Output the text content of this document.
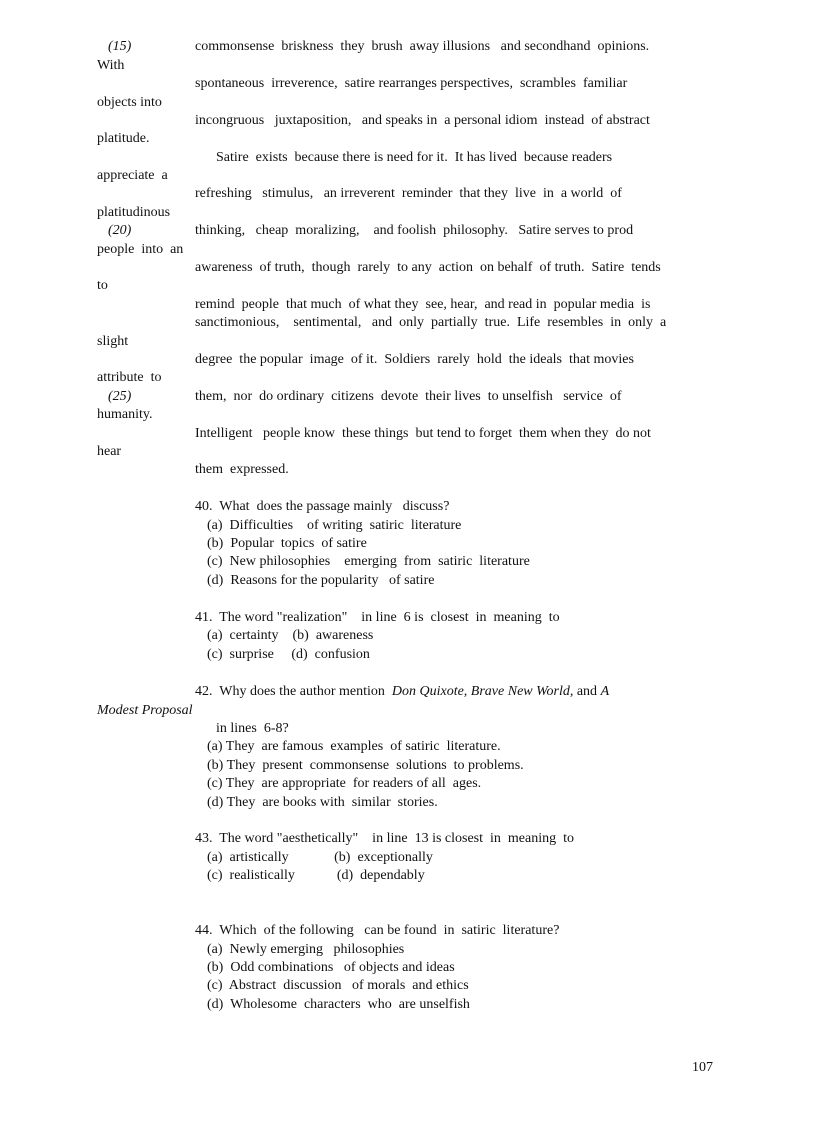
(15)	commonsense  briskness  they  brush  away illusions   and secondhand  opinions.
With
spontaneous  irreverence,  satire rearranges perspectives,  scrambles  familiar
objects into
incongruous   juxtaposition,   and speaks in  a personal idiom  instead  of abstract
platitude.
Satire  exists  because there is need for it.  It has lived  because readers
appreciate  a
refreshing   stimulus,   an irreverent  reminder  that they  live  in  a world  of
platitudinous
(20)	thinking,   cheap  moralizing,    and foolish  philosophy.   Satire serves to prod
people  into  an
awareness  of truth,  though  rarely  to any  action  on behalf  of truth.  Satire  tends
to
remind  people  that much  of what they  see, hear,  and read in  popular media  is
sanctimonious,    sentimental,   and  only  partially  true.  Life  resembles  in  only  a
slight
degree  the popular  image  of it.  Soldiers  rarely  hold  the ideals  that movies
attribute  to
(25)	them,  nor  do ordinary  citizens  devote  their lives  to unselfish   service  of
humanity.
Intelligent   people know  these things  but tend to forget  them when they  do not
hear
them  expressed.
40.  What  does the passage mainly   discuss?
(a)  Difficulties    of writing  satiric  literature
(b)  Popular  topics  of satire
(c)  New philosophies    emerging  from  satiric  literature
(d)  Reasons for the popularity   of satire
41.  The word "realization"    in line  6 is  closest  in  meaning  to
(a)  certainty    (b)  awareness
(c)  surprise     (d)  confusion
42.  Why does the author mention  Don Quixote, Brave New World, and A
Modest Proposal
in lines  6-8?
(a) They  are famous  examples  of satiric  literature.
(b) They  present  commonsense  solutions  to problems.
(c) They  are appropriate  for readers of all  ages.
(d) They  are books with  similar  stories.
43.  The word "aesthetically"    in line  13 is closest  in  meaning  to
(a)  artistically             (b)  exceptionally
(c)  realistically            (d)  dependably
44.  Which  of the following   can be found  in  satiric  literature?
(a)  Newly emerging   philosophies
(b)  Odd combinations   of objects and ideas
(c)  Abstract  discussion   of morals  and ethics
(d)  Wholesome  characters  who  are unselfish
107
